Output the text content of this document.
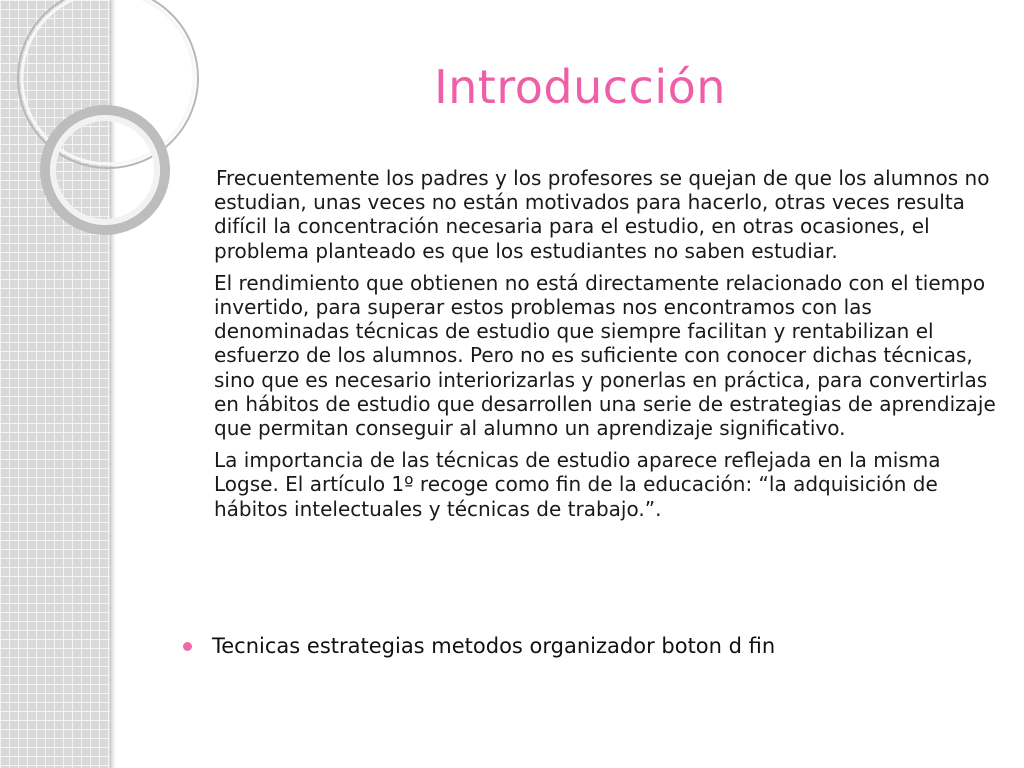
Introducción

Frecuentemente los padres y los profesores se quejan de que los alumnos no estudian, unas veces no están motivados para hacerlo, otras veces resulta difícil la concentración necesaria para el estudio, en otras ocasiones, el problema planteado es que los estudiantes no saben estudiar.

El rendimiento que obtienen no está directamente relacionado con el tiempo invertido, para superar estos problemas nos encontramos con las denominadas técnicas de estudio que siempre facilitan y rentabilizan el esfuerzo de los alumnos. Pero no es suficiente con conocer dichas técnicas, sino que es necesario interiorizarlas y ponerlas en práctica, para convertirlas en hábitos de estudio que desarrollen una serie de estrategias de aprendizaje que permitan conseguir al alumno un aprendizaje significativo.

La importancia de las técnicas de estudio aparece reflejada en la misma Logse. El artículo 1º recoge como fin de la educación: “la adquisición de hábitos intelectuales y técnicas de trabajo.”.

Tecnicas estrategias metodos organizador boton d fin
